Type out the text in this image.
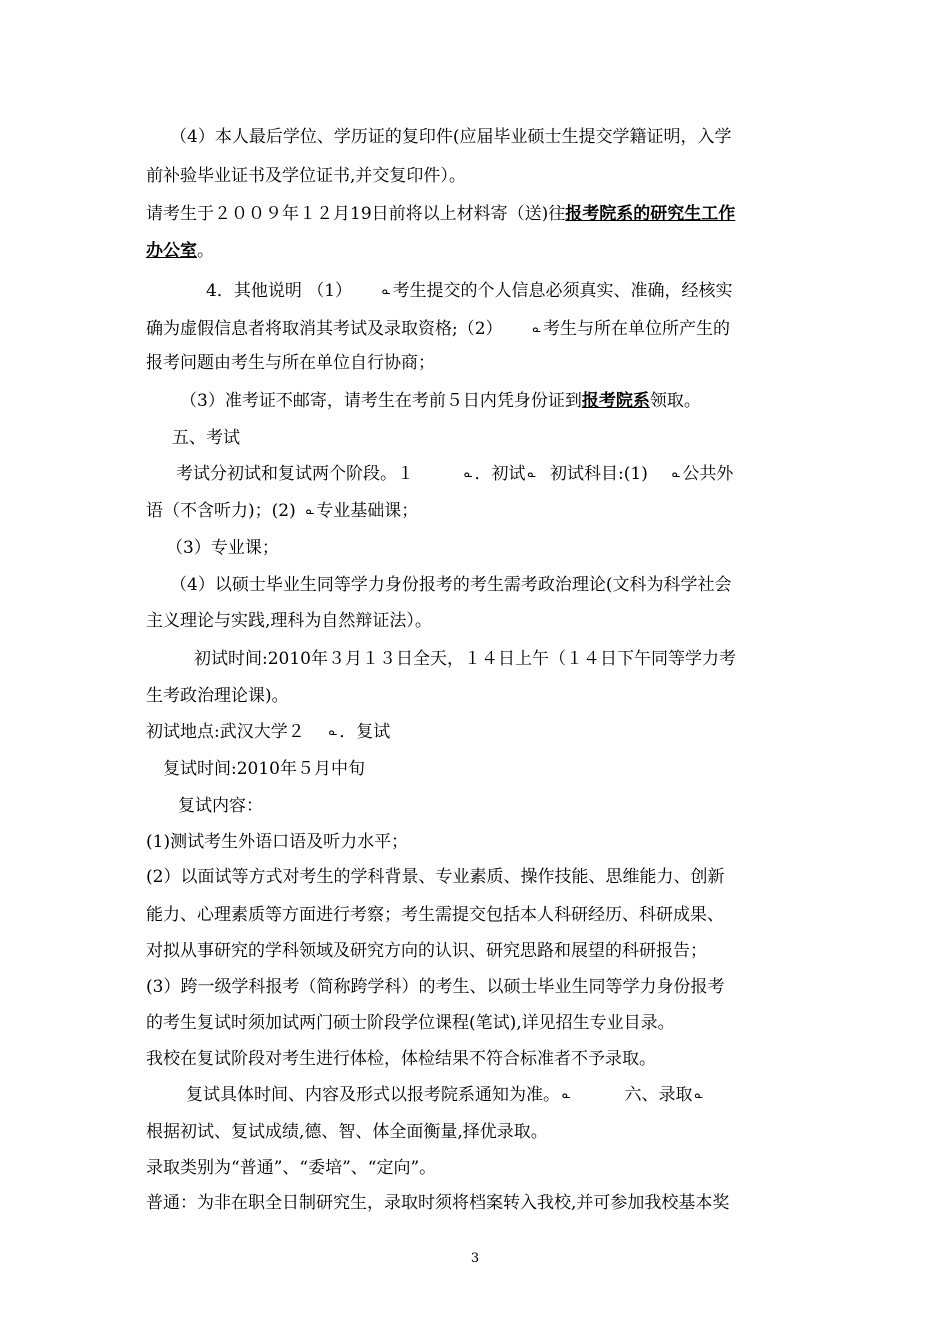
（4）本人最后学位、学历证的复印件(应届毕业硕士生提交学籍证明，入学
前补验毕业证书及学位证书,并交复印件）。
请考生于２００９年１２月19日前将以上材料寄（送)往报考院系的研究生工作
办公室。
4．其他说明 （1）	ᓇ 考生提交的个人信息必须真实、准确，经核实
确为虚假信息者将取消其考试及录取资格;（2）	ᓇ 考生与所在单位所产生的
报考问题由考生与所在单位自行协商；
（3）准考证不邮寄，请考生在考前５日内凭身份证到报考院系领取。
五、考试
考试分初试和复试两个阶段。１	ᓇ ．初试 ᓇ 初试科目:(1) ᓇ 公共外
语（不含听力)；(2) ᓇ 专业基础课；
（3）专业课；
（4）以硕士毕业生同等学力身份报考的考生需考政治理论(文科为科学社会
主义理论与实践,理科为自然辩证法）。
初试时间:2010年３月１３日全天，１４日上午（１４日下午同等学力考
生考政治理论课)。
初试地点:武汉大学２ ᓇ ．复试
复试时间:2010年５月中旬
复试内容：
(1)测试考生外语口语及听力水平；
(2）以面试等方式对考生的学科背景、专业素质、操作技能、思维能力、创新
能力、心理素质等方面进行考察；考生需提交包括本人科研经历、科研成果、
对拟从事研究的学科领域及研究方向的认识、研究思路和展望的科研报告；
(3）跨一级学科报考（简称跨学科）的考生、以硕士毕业生同等学力身份报考
的考生复试时须加试两门硕士阶段学位课程(笔试),详见招生专业目录。
我校在复试阶段对考生进行体检，体检结果不符合标准者不予录取。
复试具体时间、内容及形式以报考院系通知为准。 ᓇ	六、录取 ᓇ
根据初试、复试成绩,德、智、体全面衡量,择优录取。
录取类别为“普通”、“委培”、“定向”。
普通：为非在职全日制研究生，录取时须将档案转入我校,并可参加我校基本奖
3
